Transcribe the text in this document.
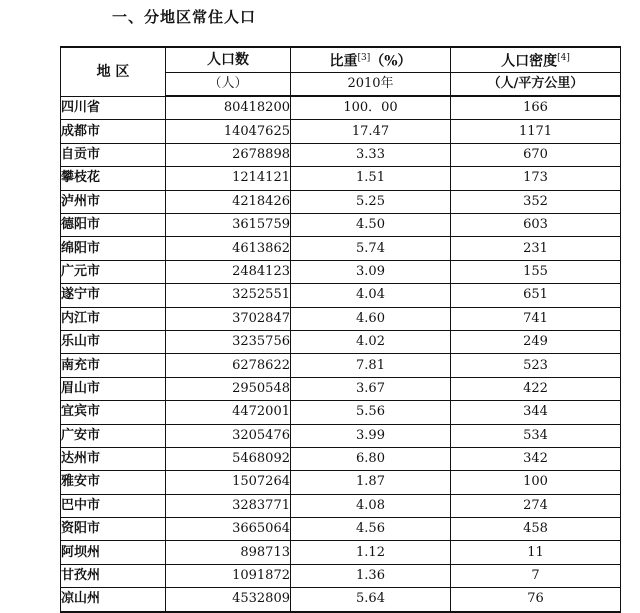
一、分地区常住人口
地 区	人口数	比重[3]（%）	人口密度[4]
	（人）	2010年	（人/平方公里）
四川省	80418200	100．00	166
成都市	14047625	17.47	1171
自贡市	2678898	3.33	670
攀枝花	1214121	1.51	173
泸州市	4218426	5.25	352
德阳市	3615759	4.50	603
绵阳市	4613862	5.74	231
广元市	2484123	3.09	155
遂宁市	3252551	4.04	651
内江市	3702847	4.60	741
乐山市	3235756	4.02	249
南充市	6278622	7.81	523
眉山市	2950548	3.67	422
宜宾市	4472001	5.56	344
广安市	3205476	3.99	534
达州市	5468092	6.80	342
雅安市	1507264	1.87	100
巴中市	3283771	4.08	274
资阳市	3665064	4.56	458
阿坝州	898713	1.12	11
甘孜州	1091872	1.36	7
凉山州	4532809	5.64	76
